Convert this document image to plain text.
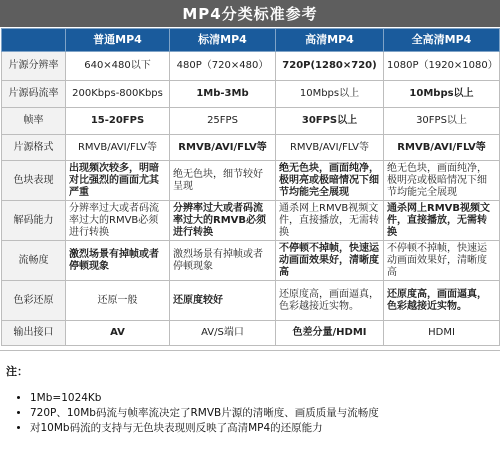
MP4分类标准参考
	普通MP4	标清MP4	高清MP4	全高清MP4
片源分辨率	640×480以下	480P（720×480）	720P(1280×720)	1080P（1920×1080）
片源码流率	200Kbps-800Kbps	1Mb-3Mb	10Mbps以上	10Mbps以上
帧率	15-20FPS	25FPS	30FPS以上	30FPS以上
片源格式	RMVB/AVI/FLV等	RMVB/AVI/FLV等	RMVB/AVI/FLV等	RMVB/AVI/FLV等
色块表现	出现频次较多，明暗对比强烈的画面尤其严重	绝无色块，细节较好呈现	绝无色块，画面纯净，极明亮或极暗情况下细节均能完全展现	绝无色块，画面纯净，极明亮或极暗情况下细节均能完全展现
解码能力	分辨率过大或者码流率过大的RMVB必须进行转换	分辨率过大或者码流率过大的RMVB必须进行转换	通杀网上RMVB视频文件，直接播放，无需转换	通杀网上RMVB视频文件，直接播放，无需转换
流畅度	激烈场景有掉帧或者停顿现象	激烈场景有掉帧或者停顿现象	不停顿不掉帧，快速运动画面效果好，清晰度高	不停顿不掉帧，快速运动画面效果好，清晰度高
色彩还原	还原一般	还原度较好	还原度高，画面逼真，色彩越接近实物。	还原度高，画面逼真，色彩越接近实物。
输出接口	AV	AV/S端口	色差分量/HDMI	HDMI
注：
• 1Mb=1024Kb
• 720P、10Mb码流与帧率流决定了RMVB片源的清晰度、画质质量与流畅度
• 对10Mb码流的支持与无色块表现则反映了高清MP4的还原能力
